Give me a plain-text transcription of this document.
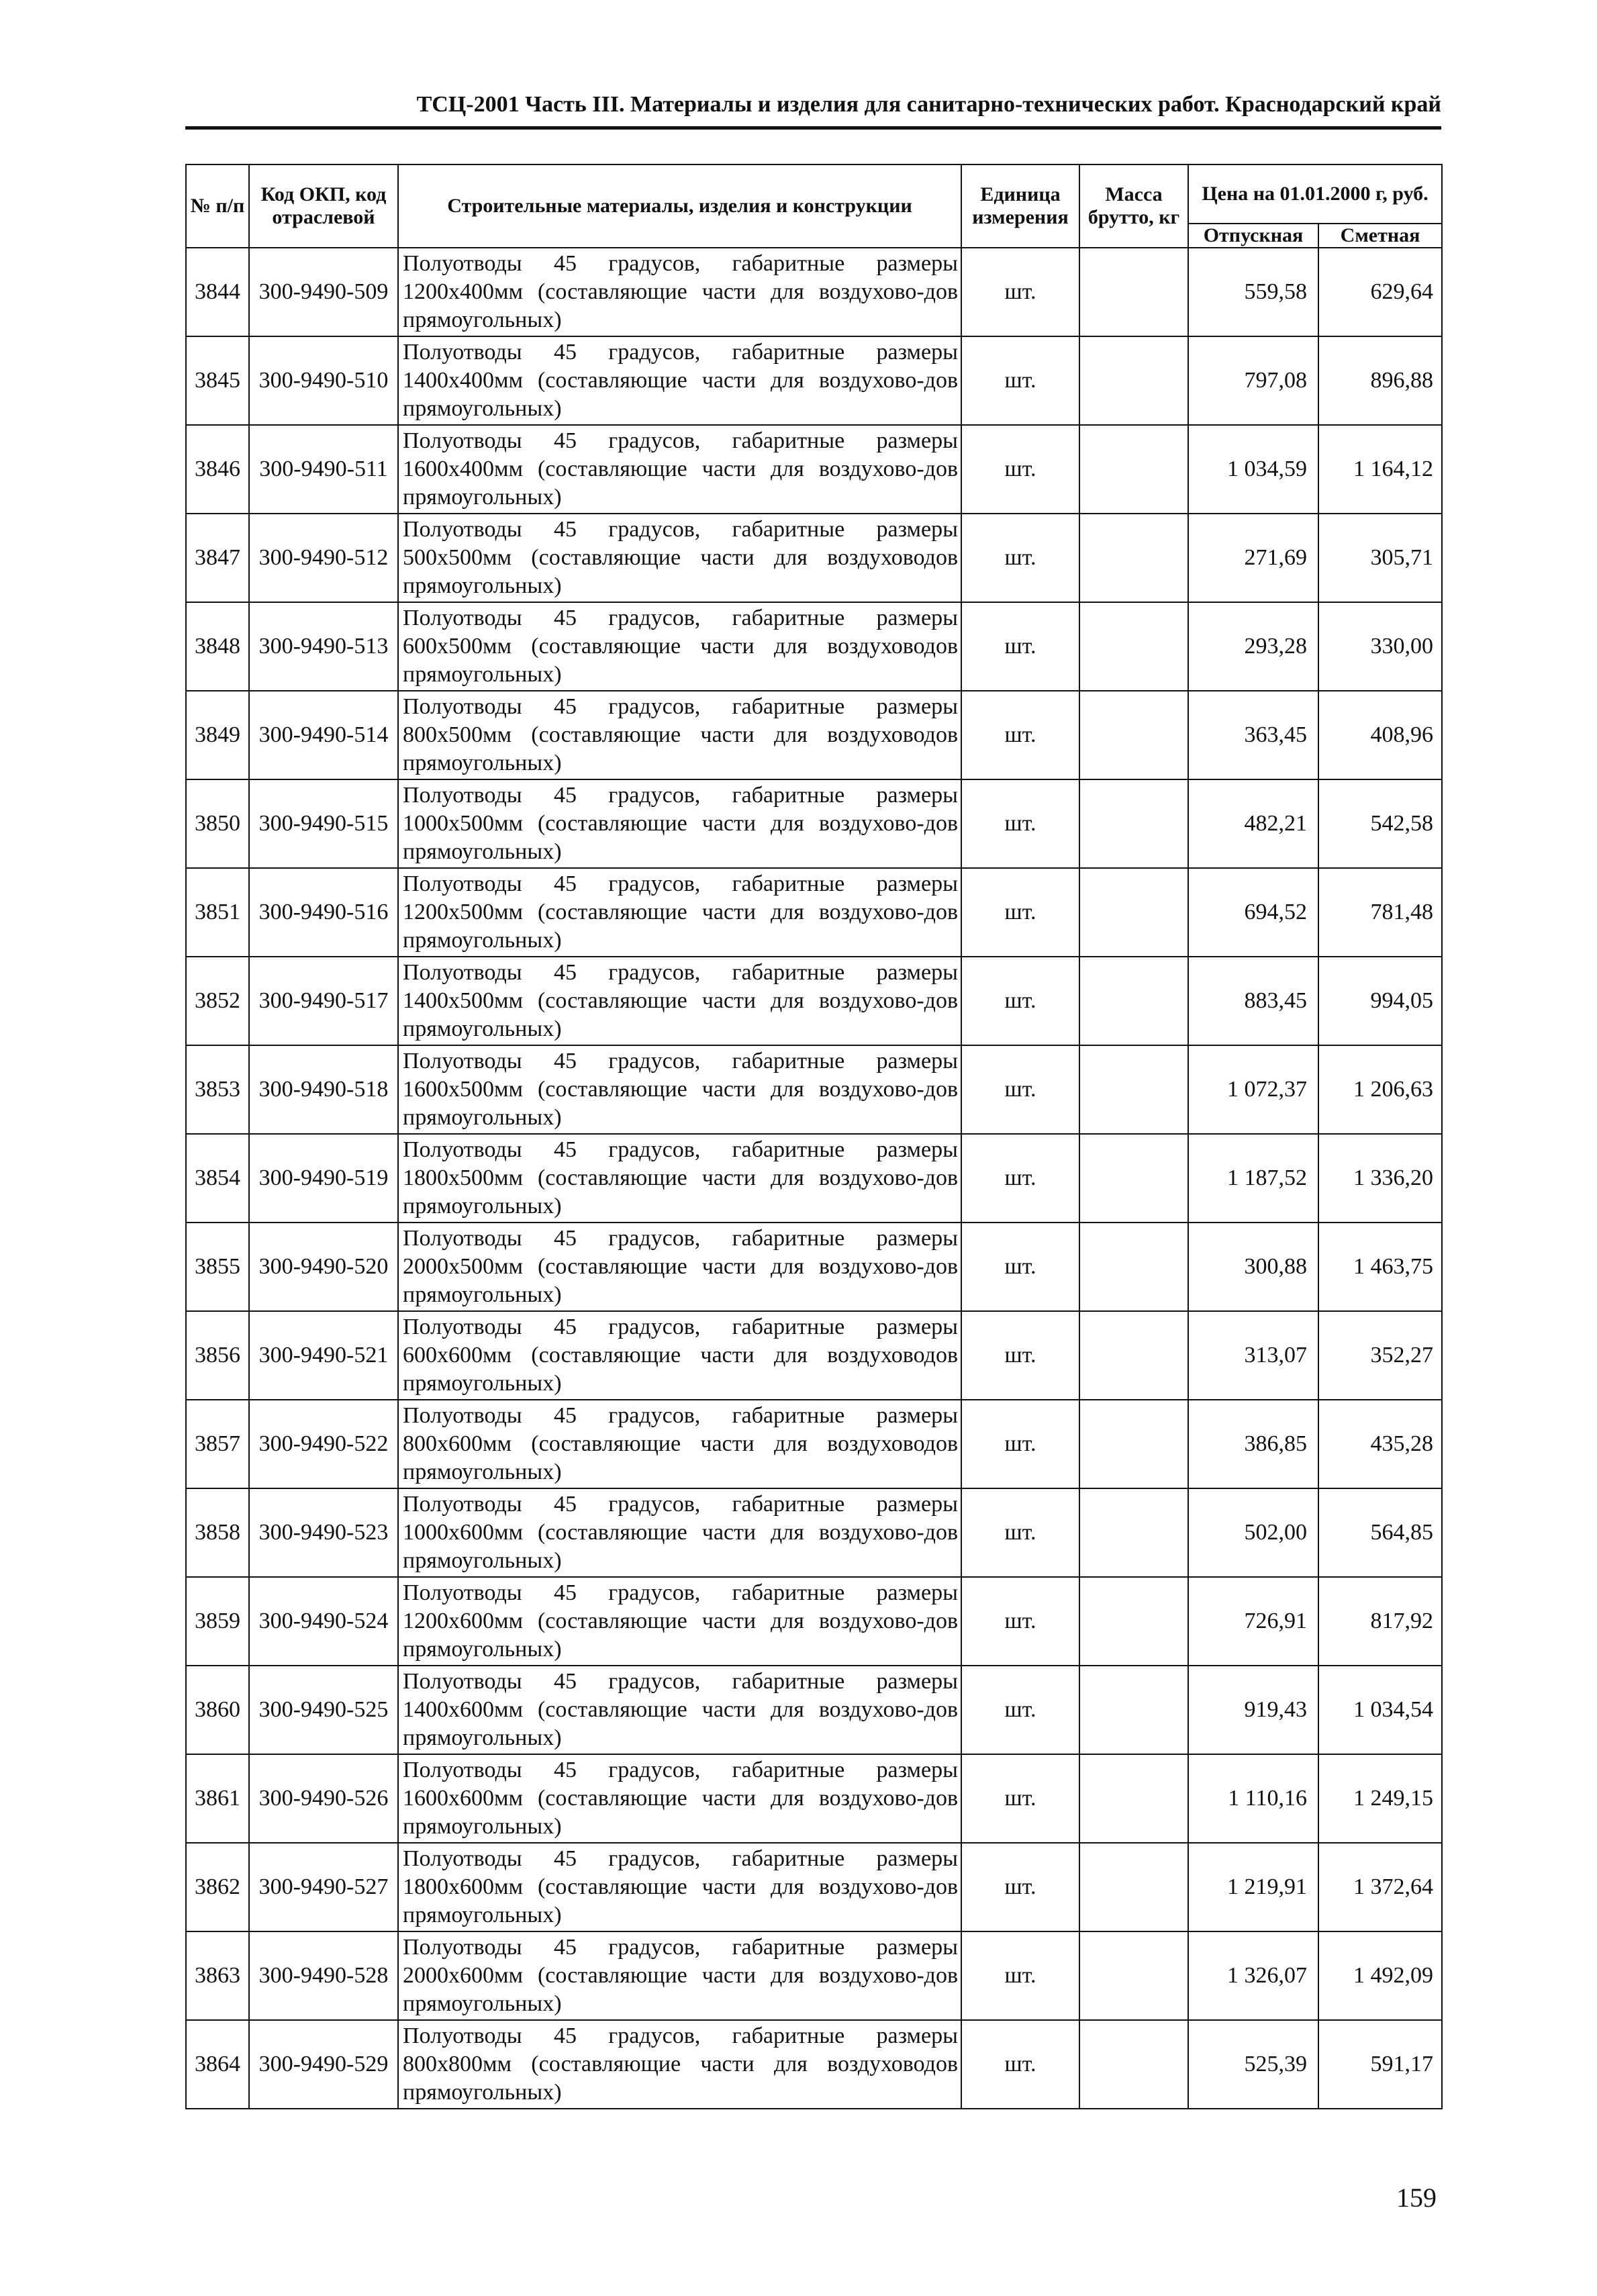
ТСЦ-2001 Часть III. Материалы и изделия для санитарно-технических работ. Краснодарский край
№ п/п	Код ОКП, код отраслевой	Строительные материалы, изделия и конструкции	Единица измерения	Масса брутто, кг	Цена на 01.01.2000 г, руб.	
					Отпускная	Сметная
3844	300-9490-509	Полуотводы 45 градусов, габаритные размеры 1200х400мм (составляющие части для воздухово-дов прямоугольных)	шт.		559,58	629,64
3845	300-9490-510	Полуотводы 45 градусов, габаритные размеры 1400х400мм (составляющие части для воздухово-дов прямоугольных)	шт.		797,08	896,88
3846	300-9490-511	Полуотводы 45 градусов, габаритные размеры 1600х400мм (составляющие части для воздухово-дов прямоугольных)	шт.		1 034,59	1 164,12
3847	300-9490-512	Полуотводы 45 градусов, габаритные размеры 500х500мм (составляющие части для воздуховодов прямоугольных)	шт.		271,69	305,71
3848	300-9490-513	Полуотводы 45 градусов, габаритные размеры 600х500мм (составляющие части для воздуховодов прямоугольных)	шт.		293,28	330,00
3849	300-9490-514	Полуотводы 45 градусов, габаритные размеры 800х500мм (составляющие части для воздуховодов прямоугольных)	шт.		363,45	408,96
3850	300-9490-515	Полуотводы 45 градусов, габаритные размеры 1000х500мм (составляющие части для воздухово-дов прямоугольных)	шт.		482,21	542,58
3851	300-9490-516	Полуотводы 45 градусов, габаритные размеры 1200х500мм (составляющие части для воздухово-дов прямоугольных)	шт.		694,52	781,48
3852	300-9490-517	Полуотводы 45 градусов, габаритные размеры 1400х500мм (составляющие части для воздухово-дов прямоугольных)	шт.		883,45	994,05
3853	300-9490-518	Полуотводы 45 градусов, габаритные размеры 1600х500мм (составляющие части для воздухово-дов прямоугольных)	шт.		1 072,37	1 206,63
3854	300-9490-519	Полуотводы 45 градусов, габаритные размеры 1800х500мм (составляющие части для воздухово-дов прямоугольных)	шт.		1 187,52	1 336,20
3855	300-9490-520	Полуотводы 45 градусов, габаритные размеры 2000х500мм (составляющие части для воздухово-дов прямоугольных)	шт.		300,88	1 463,75
3856	300-9490-521	Полуотводы 45 градусов, габаритные размеры 600х600мм (составляющие части для воздуховодов прямоугольных)	шт.		313,07	352,27
3857	300-9490-522	Полуотводы 45 градусов, габаритные размеры 800х600мм (составляющие части для воздуховодов прямоугольных)	шт.		386,85	435,28
3858	300-9490-523	Полуотводы 45 градусов, габаритные размеры 1000х600мм (составляющие части для воздухово-дов прямоугольных)	шт.		502,00	564,85
3859	300-9490-524	Полуотводы 45 градусов, габаритные размеры 1200х600мм (составляющие части для воздухово-дов прямоугольных)	шт.		726,91	817,92
3860	300-9490-525	Полуотводы 45 градусов, габаритные размеры 1400х600мм (составляющие части для воздухово-дов прямоугольных)	шт.		919,43	1 034,54
3861	300-9490-526	Полуотводы 45 градусов, габаритные размеры 1600х600мм (составляющие части для воздухово-дов прямоугольных)	шт.		1 110,16	1 249,15
3862	300-9490-527	Полуотводы 45 градусов, габаритные размеры 1800х600мм (составляющие части для воздухово-дов прямоугольных)	шт.		1 219,91	1 372,64
3863	300-9490-528	Полуотводы 45 градусов, габаритные размеры 2000х600мм (составляющие части для воздухово-дов прямоугольных)	шт.		1 326,07	1 492,09
3864	300-9490-529	Полуотводы 45 градусов, габаритные размеры 800х800мм (составляющие части для воздуховодов прямоугольных)	шт.		525,39	591,17
159
